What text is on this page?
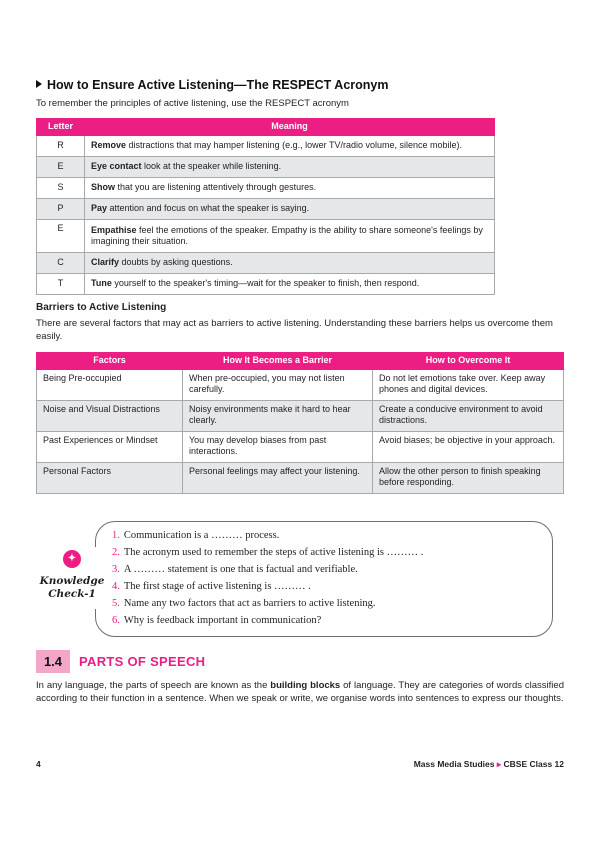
How to Ensure Active Listening—The RESPECT Acronym
To remember the principles of active listening, use the RESPECT acronym
Letter	Meaning
R	Remove distractions that may hamper listening (e.g., lower TV/radio volume, silence mobile).
E	Eye contact look at the speaker while listening.
S	Show that you are listening attentively through gestures.
P	Pay attention and focus on what the speaker is saying.
E	Empathise feel the emotions of the speaker. Empathy is the ability to share someone's feelings by imagining their situation.
C	Clarify doubts by asking questions.
T	Tune yourself to the speaker's timing—wait for the speaker to finish, then respond.
Barriers to Active Listening
There are several factors that may act as barriers to active listening. Understanding these barriers helps us overcome them easily.
Factors	How It Becomes a Barrier	How to Overcome It
Being Pre-occupied	When pre-occupied, you may not listen carefully.	Do not let emotions take over. Keep away phones and digital devices.
Noise and Visual Distractions	Noisy environments make it hard to hear clearly.	Create a conducive environment to avoid distractions.
Past Experiences or Mindset	You may develop biases from past interactions.	Avoid biases; be objective in your approach.
Personal Factors	Personal feelings may affect your listening.	Allow the other person to finish speaking before responding.
✦
Knowledge
Check-1
1. Communication is a ……… process.
2. The acronym used to remember the steps of active listening is ……… .
3. A ……… statement is one that is factual and verifiable.
4. The first stage of active listening is ……… .
5. Name any two factors that act as barriers to active listening.
6. Why is feedback important in communication?
1.4	PARTS OF SPEECH
In any language, the parts of speech are known as the building blocks of language. They are categories of words classified according to their function in a sentence. When we speak or write, we organise words into sentences to express our thoughts.
4	Mass Media Studies ▸ CBSE Class 12
